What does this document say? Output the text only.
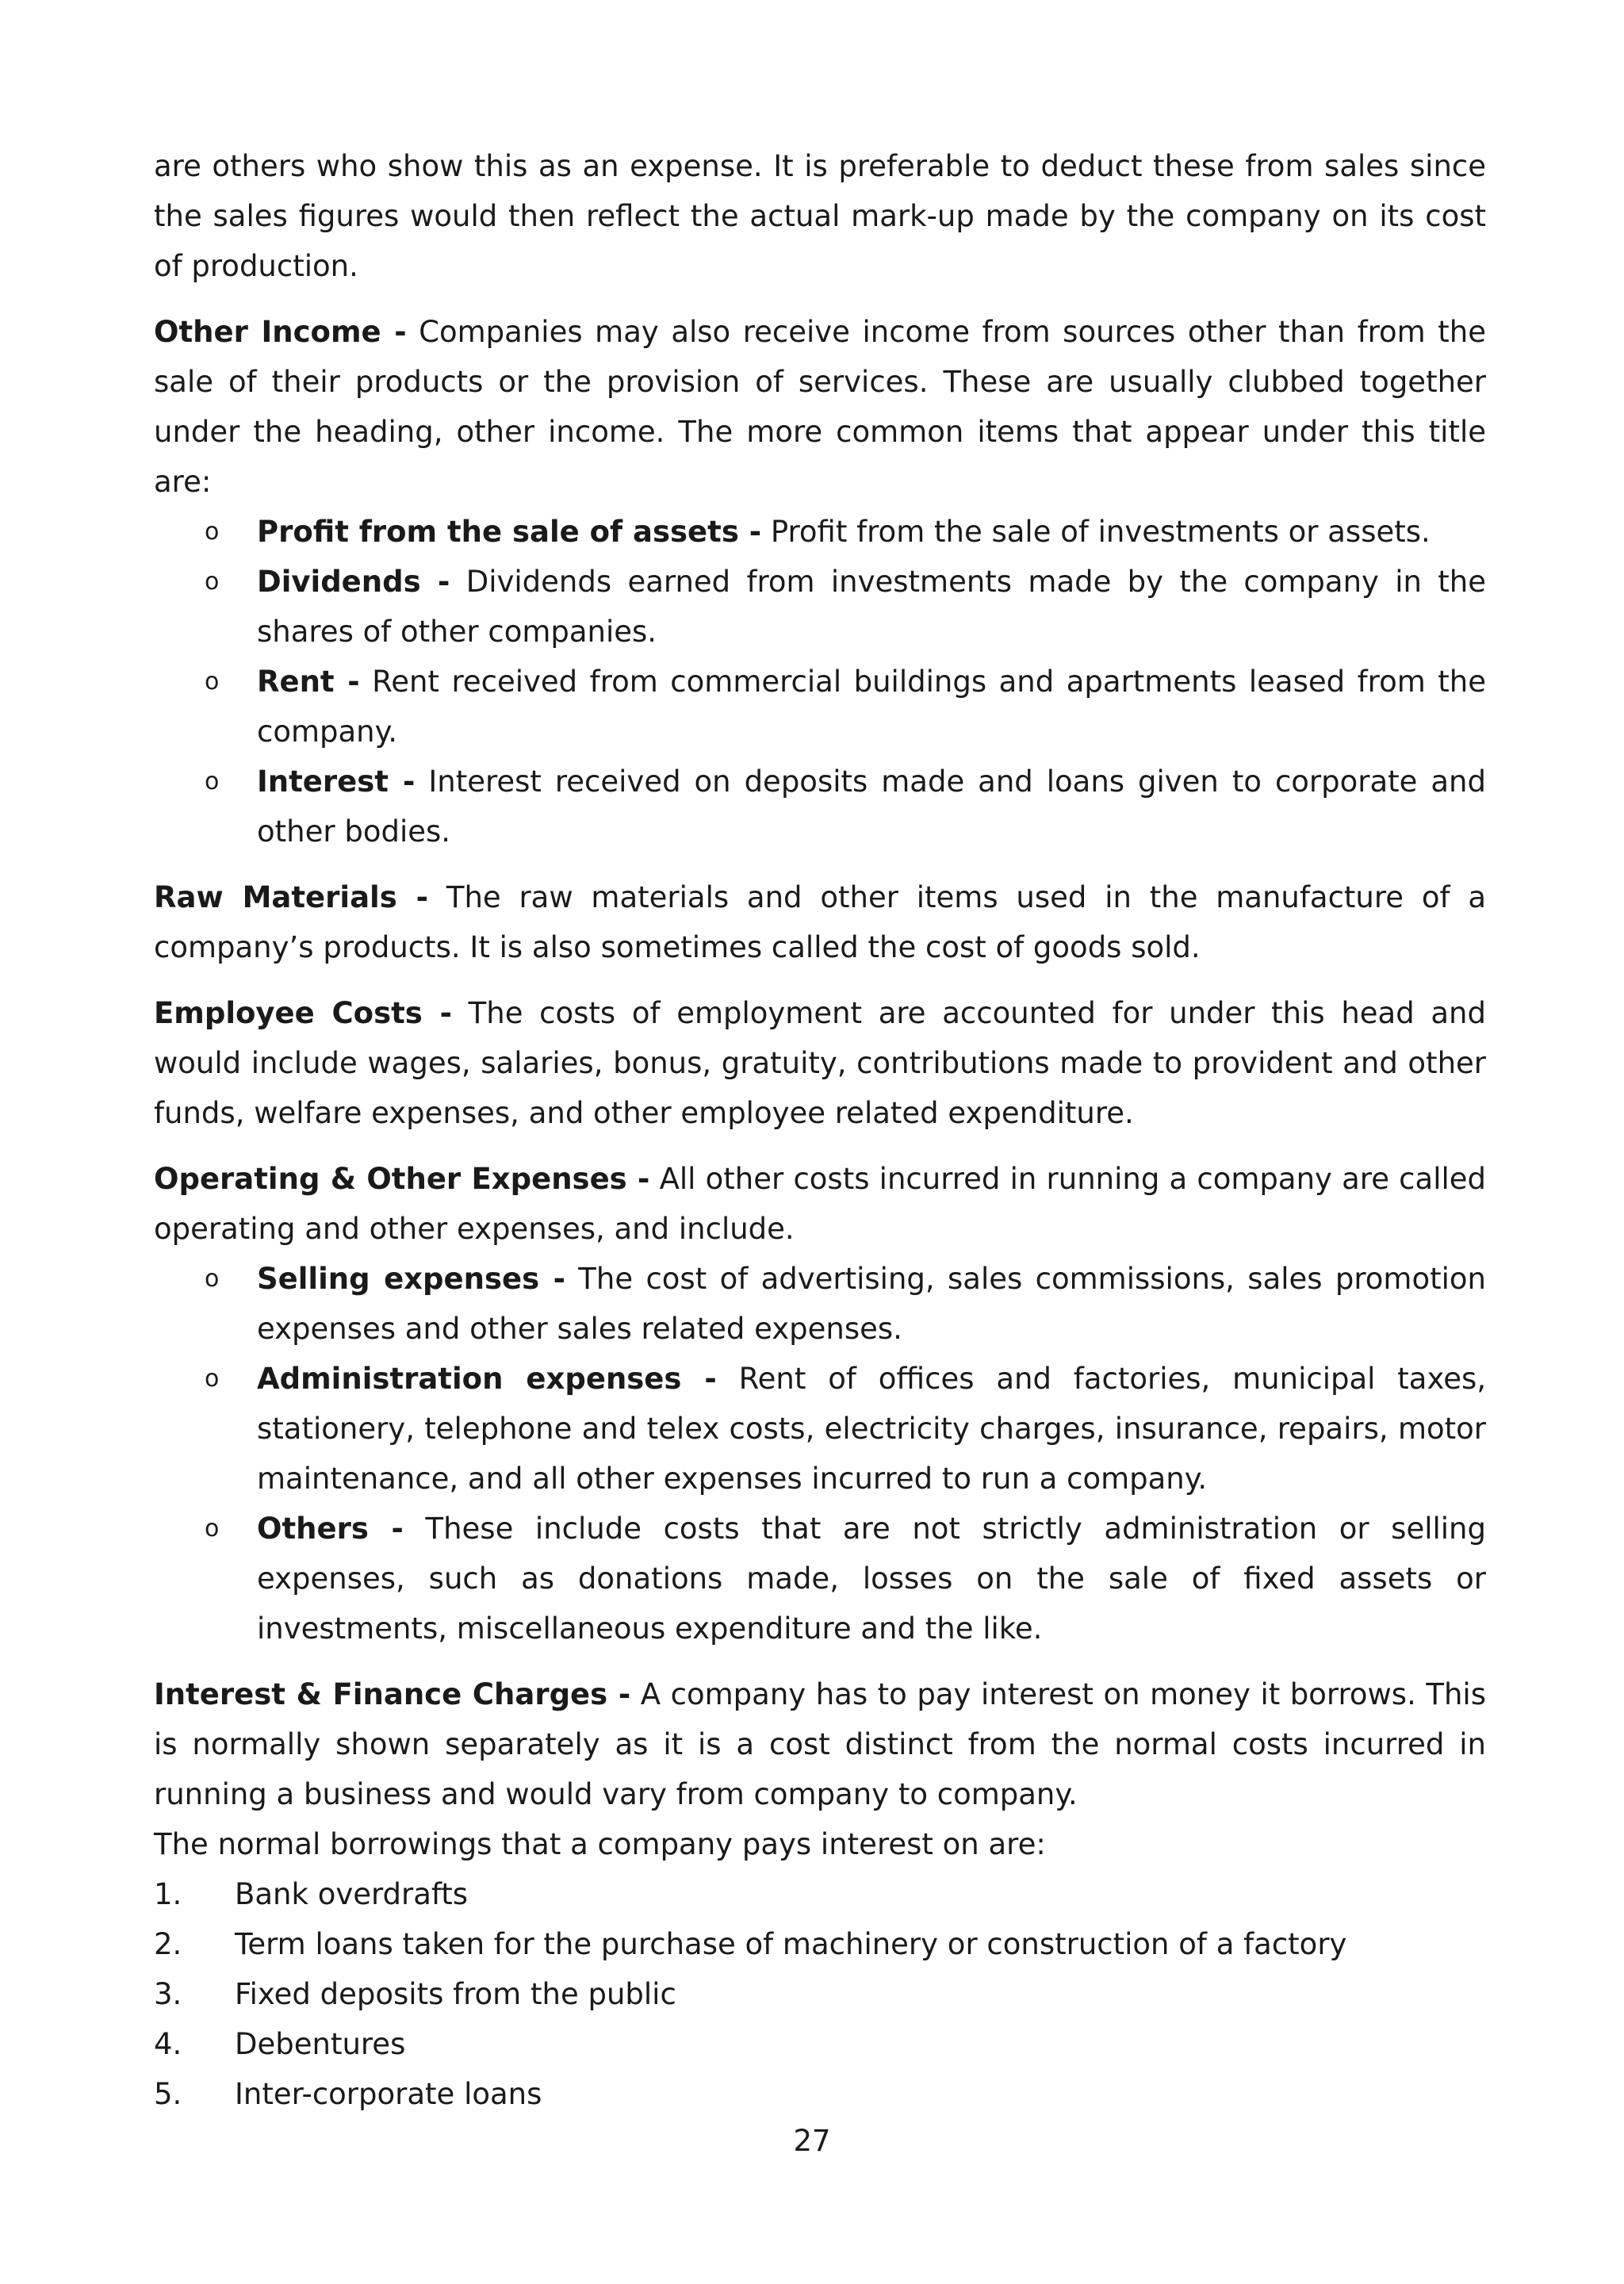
are others who show this as an expense. It is preferable to deduct these from sales since the sales figures would then reflect the actual mark-up made by the company on its cost of production.

Other Income - Companies may also receive income from sources other than from the sale of their products or the provision of services. These are usually clubbed together under the heading, other income. The more common items that appear under this title are:

o Profit from the sale of assets - Profit from the sale of investments or assets.
o Dividends - Dividends earned from investments made by the company in the shares of other companies.
o Rent - Rent received from commercial buildings and apartments leased from the company.
o Interest - Interest received on deposits made and loans given to corporate and other bodies.

Raw Materials - The raw materials and other items used in the manufacture of a company’s products. It is also sometimes called the cost of goods sold.

Employee Costs - The costs of employment are accounted for under this head and would include wages, salaries, bonus, gratuity, contributions made to provident and other funds, welfare expenses, and other employee related expenditure.

Operating & Other Expenses - All other costs incurred in running a company are called operating and other expenses, and include.

o Selling expenses - The cost of advertising, sales commissions, sales promotion expenses and other sales related expenses.
o Administration expenses - Rent of offices and factories, municipal taxes, stationery, telephone and telex costs, electricity charges, insurance, repairs, motor maintenance, and all other expenses incurred to run a company.
o Others - These include costs that are not strictly administration or selling expenses, such as donations made, losses on the sale of fixed assets or investments, miscellaneous expenditure and the like.

Interest & Finance Charges - A company has to pay interest on money it borrows. This is normally shown separately as it is a cost distinct from the normal costs incurred in running a business and would vary from company to company.

The normal borrowings that a company pays interest on are:

1. Bank overdrafts
2. Term loans taken for the purchase of machinery or construction of a factory
3. Fixed deposits from the public
4. Debentures
5. Inter-corporate loans
27
